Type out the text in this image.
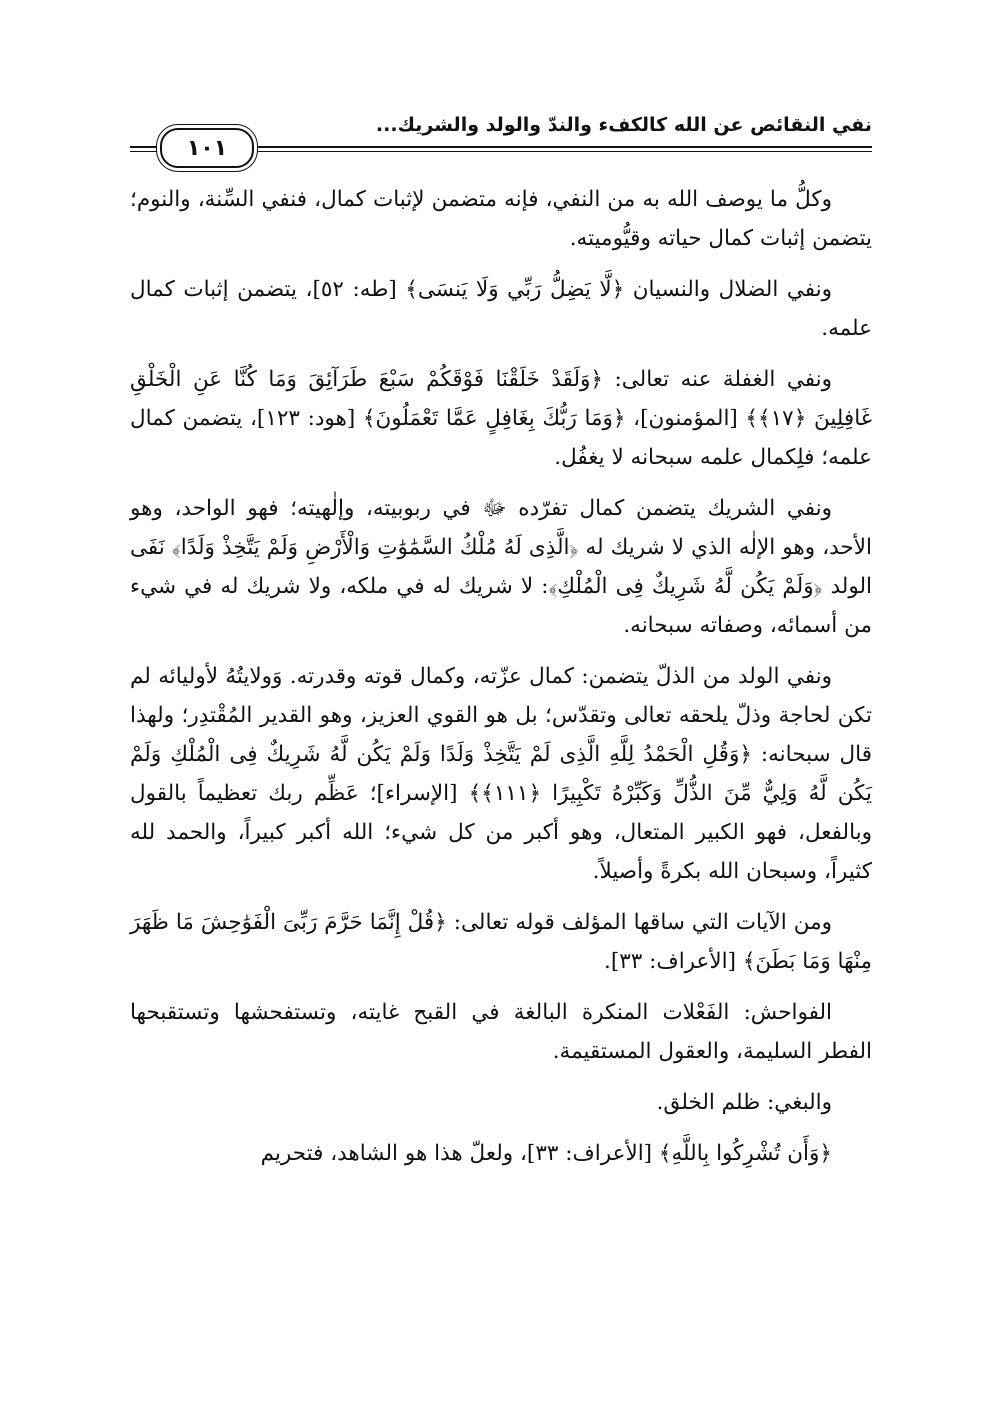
نفي النقائص عن الله كالكفء والندّ والولد والشريك...
١٠١

وكلُّ ما يوصف الله به من النفي، فإنه متضمن لإثبات كمال، فنفي السِّنة، والنوم؛ يتضمن إثبات كمال حياته وقيُّوميته.

ونفي الضلال والنسيان ﴿لَّا يَضِلُّ رَبِّي وَلَا يَنسَى﴾ [طه: ٥٢]، يتضمن إثبات كمال علمه.

ونفي الغفلة عنه تعالى: ﴿وَلَقَدْ خَلَقْنَا فَوْقَكُمْ سَبْعَ طَرَآئِقَ وَمَا كُنَّا عَنِ الْخَلْقِ غَافِلِينَ ﴿١٧﴾﴾ [المؤمنون]، ﴿وَمَا رَبُّكَ بِغَافِلٍ عَمَّا تَعْمَلُونَ﴾ [هود: ١٢٣]، يتضمن كمال علمه؛ فلِكمال علمه سبحانه لا يغفُل.

ونفي الشريك يتضمن كمال تفرّده ﷻ في ربوبيته، وإلٰهيته؛ فهو الواحد، وهو الأحد، وهو الإلٰه الذي لا شريك له ﴿الَّذِى لَهُ مُلْكُ السَّمَٰوَٰتِ وَالْأَرْضِ وَلَمْ يَتَّخِذْ وَلَدًا﴾ نَفَى الولد ﴿وَلَمْ يَكُن لَّهُ شَرِيكٌ فِى الْمُلْكِ﴾: لا شريك له في ملكه، ولا شريك له في شيء من أسمائه، وصفاته سبحانه.

ونفي الولد من الذلّ يتضمن: كمال عزّته، وكمال قوته وقدرته. وَولايتُهُ لأوليائه لم تكن لحاجة وذلّ يلحقه تعالى وتقدّس؛ بل هو القوي العزيز، وهو القدير المُقْتدِر؛ ولهذا قال سبحانه: ﴿وَقُلِ الْحَمْدُ لِلَّهِ الَّذِى لَمْ يَتَّخِذْ وَلَدًا وَلَمْ يَكُن لَّهُ شَرِيكٌ فِى الْمُلْكِ وَلَمْ يَكُن لَّهُ وَلِيٌّ مِّنَ الذُّلِّ وَكَبِّرْهُ تَكْبِيرًا ﴿١١١﴾﴾ [الإسراء]؛ عَظِّم ربك تعظيماً بالقول وبالفعل، فهو الكبير المتعال، وهو أكبر من كل شيء؛ الله أكبر كبيراً، والحمد لله كثيراً، وسبحان الله بكرةً وأصيلاً.

ومن الآيات التي ساقها المؤلف قوله تعالى: ﴿قُلْ إِنَّمَا حَرَّمَ رَبِّىَ الْفَوَٰحِشَ مَا ظَهَرَ مِنْهَا وَمَا بَطَنَ﴾ [الأعراف: ٣٣].

الفواحش: الفَعْلات المنكرة البالغة في القبح غايته، وتستفحشها وتستقبحها الفطر السليمة، والعقول المستقيمة.

والبغي: ظلم الخلق.

﴿وَأَن تُشْرِكُوا بِاللَّهِ﴾ [الأعراف: ٣٣]، ولعلّ هذا هو الشاهد، فتحريم
